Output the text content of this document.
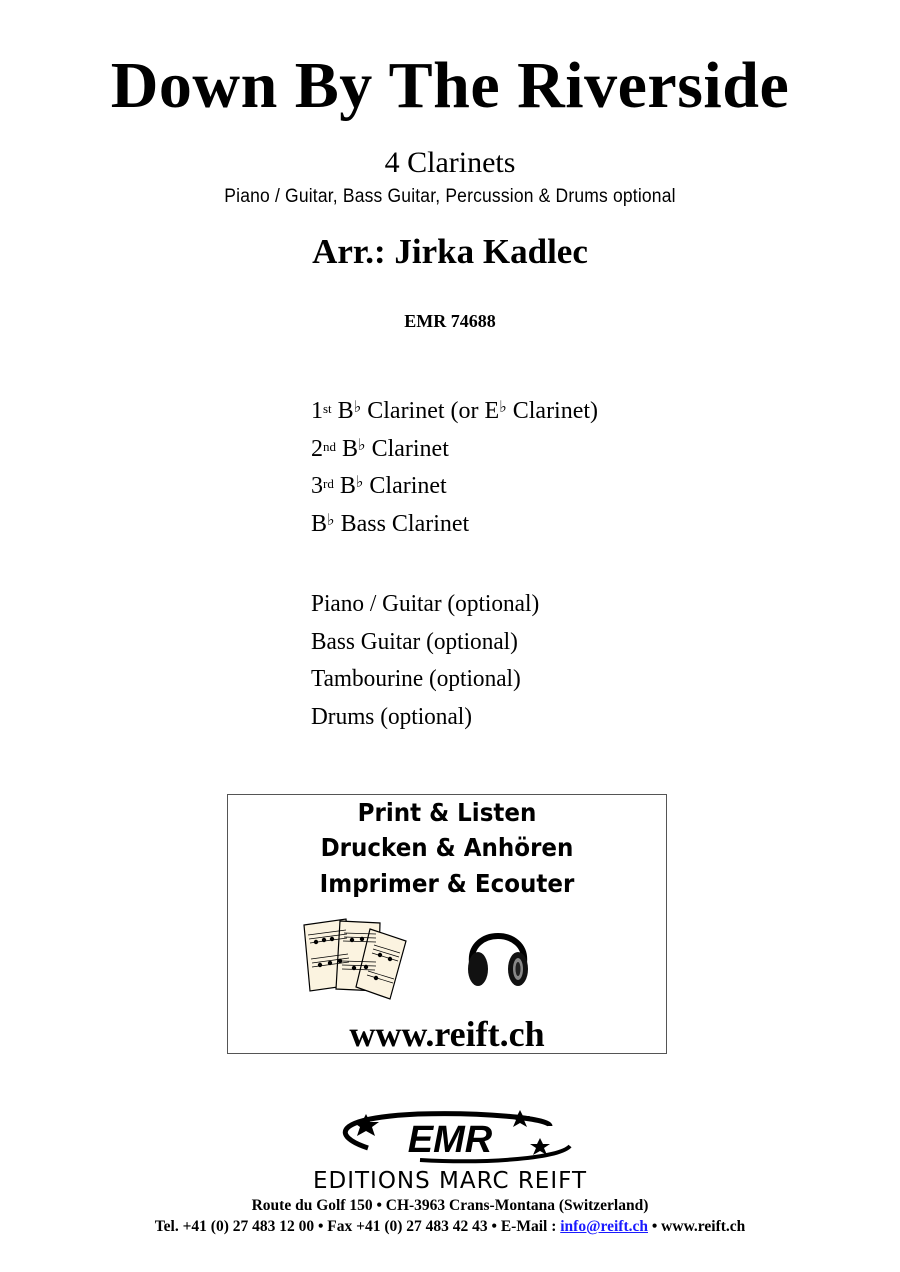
Down By The Riverside
4 Clarinets
Piano / Guitar, Bass Guitar, Percussion & Drums optional
Arr.: Jirka Kadlec
EMR 74688
1st B♭ Clarinet (or E♭ Clarinet)
2nd B♭ Clarinet
3rd B♭ Clarinet
B♭ Bass Clarinet
Piano / Guitar (optional)
Bass Guitar (optional)
Tambourine (optional)
Drums (optional)
Print & Listen
Drucken & Anhören
Imprimer & Ecouter
www.reift.ch
EMR
EDITIONS MARC REIFT
Route du Golf 150 • CH-3963 Crans-Montana (Switzerland)
Tel. +41 (0) 27 483 12 00 • Fax +41 (0) 27 483 42 43 • E-Mail : info@reift.ch • www.reift.ch
